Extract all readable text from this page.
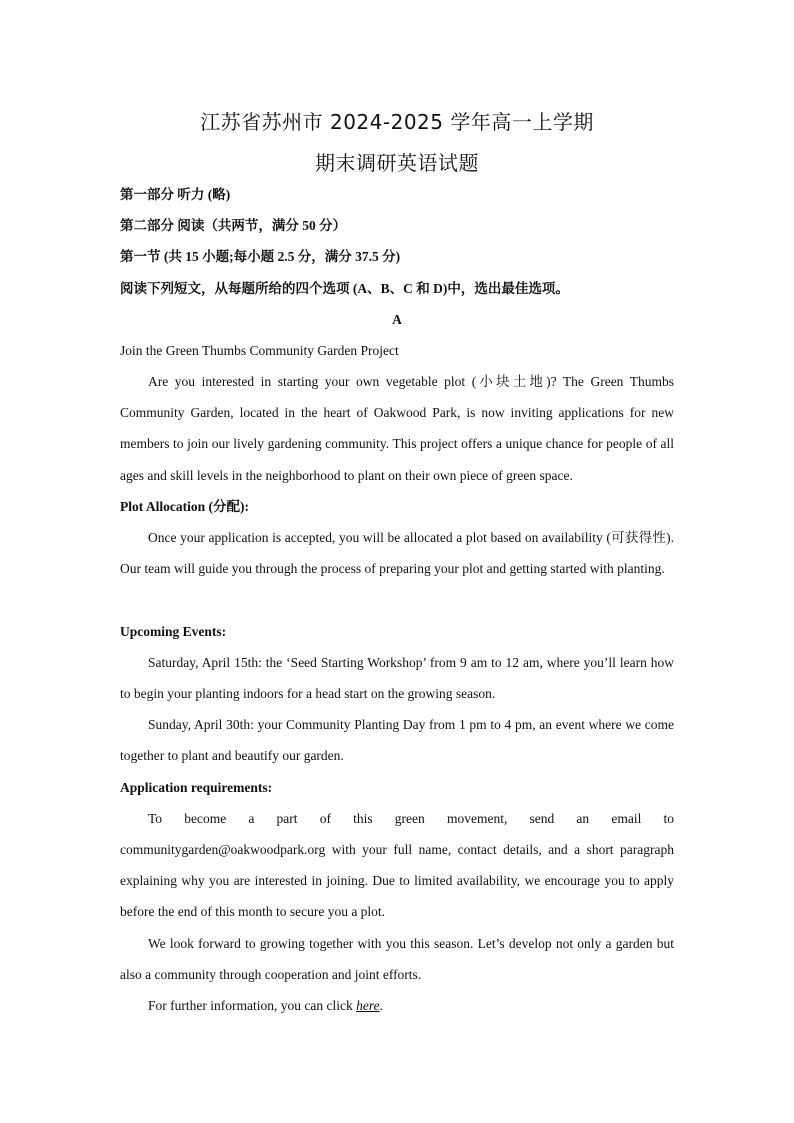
江苏省苏州市 2024-2025 学年高一上学期
期末调研英语试题
第一部分 听力 (略)
第二部分 阅读（共两节，满分 50 分）
第一节 (共 15 小题;每小题 2.5 分，满分 37.5 分)
阅读下列短文，从每题所给的四个选项 (A、B、C 和 D)中，选出最佳选项。
A
Join the Green Thumbs Community Garden Project
Are you interested in starting your own vegetable plot (小块土地)? The Green Thumbs Community Garden, located in the heart of Oakwood Park, is now inviting applications for new members to join our lively gardening community. This project offers a unique chance for people of all ages and skill levels in the neighborhood to plant on their own piece of green space.
Plot Allocation (分配):
Once your application is accepted, you will be allocated a plot based on availability (可获得性). Our team will guide you through the process of preparing your plot and getting started with planting.
Upcoming Events:
Saturday, April 15th: the ‘Seed Starting Workshop’ from 9 am to 12 am, where you’ll learn how to begin your planting indoors for a head start on the growing season.
Sunday, April 30th: your Community Planting Day from 1 pm to 4 pm, an event where we come together to plant and beautify our garden.
Application requirements:
To become a part of this green movement, send an email to
communitygarden@oakwoodpark.org with your full name, contact details, and a short paragraph explaining why you are interested in joining. Due to limited availability, we encourage you to apply before the end of this month to secure you a plot.
We look forward to growing together with you this season. Let’s develop not only a garden but also a community through cooperation and joint efforts.
For further information, you can click here.
